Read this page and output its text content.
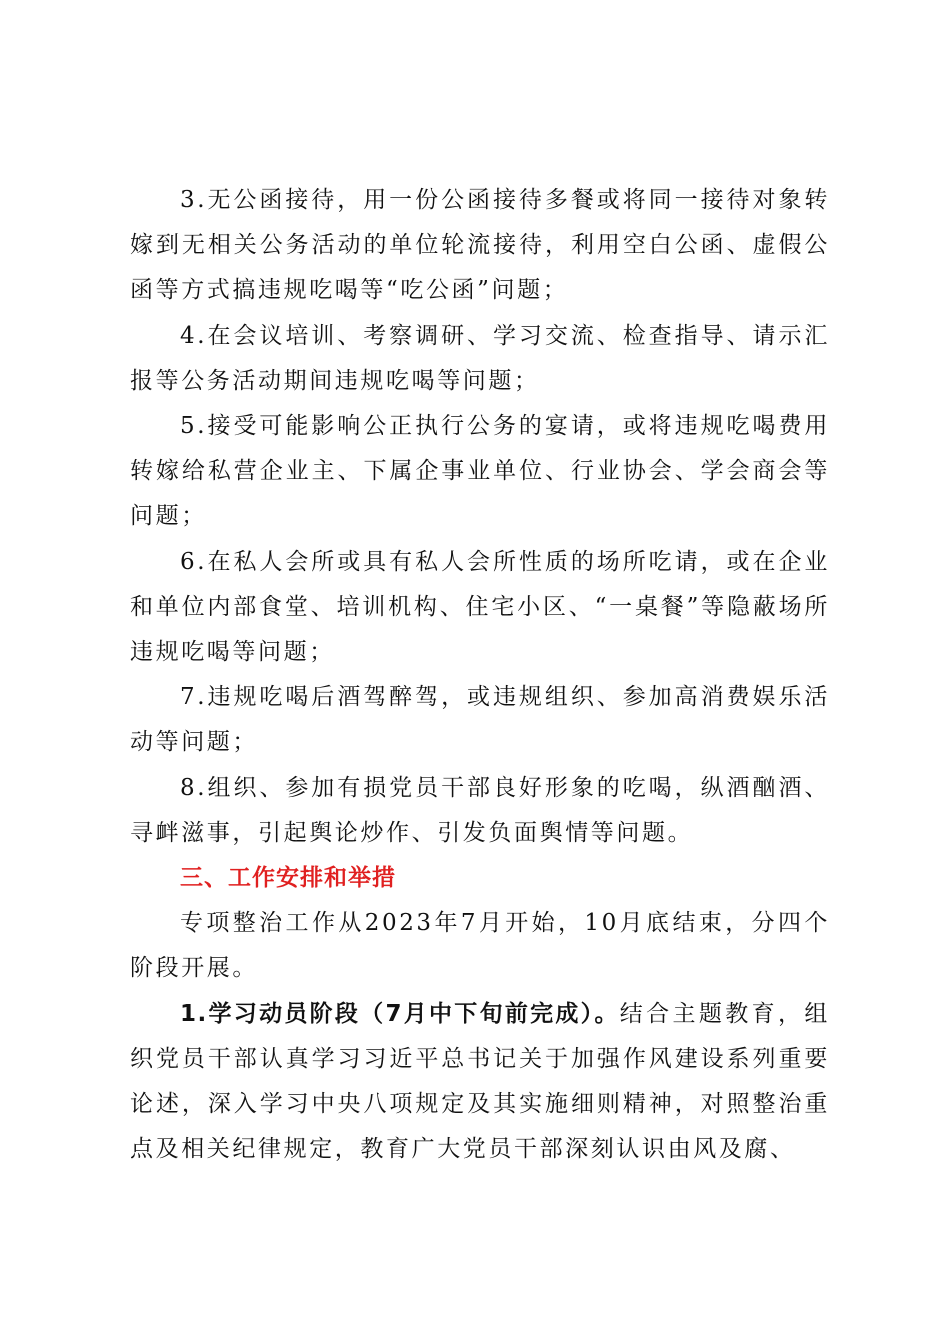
3.无公函接待，用一份公函接待多餐或将同一接待对象转嫁到无相关公务活动的单位轮流接待，利用空白公函、虚假公函等方式搞违规吃喝等“吃公函”问题；

4.在会议培训、考察调研、学习交流、检查指导、请示汇报等公务活动期间违规吃喝等问题；

5.接受可能影响公正执行公务的宴请，或将违规吃喝费用转嫁给私营企业主、下属企事业单位、行业协会、学会商会等问题；

6.在私人会所或具有私人会所性质的场所吃请，或在企业和单位内部食堂、培训机构、住宅小区、“一桌餐”等隐蔽场所违规吃喝等问题；

7.违规吃喝后酒驾醉驾，或违规组织、参加高消费娱乐活动等问题；

8.组织、参加有损党员干部良好形象的吃喝，纵酒酗酒、寻衅滋事，引起舆论炒作、引发负面舆情等问题。

三、工作安排和举措

专项整治工作从2023年7月开始，10月底结束，分四个阶段开展。

1.学习动员阶段（7月中下旬前完成）。结合主题教育，组织党员干部认真学习习近平总书记关于加强作风建设系列重要论述，深入学习中央八项规定及其实施细则精神，对照整治重点及相关纪律规定，教育广大党员干部深刻认识由风及腐、
